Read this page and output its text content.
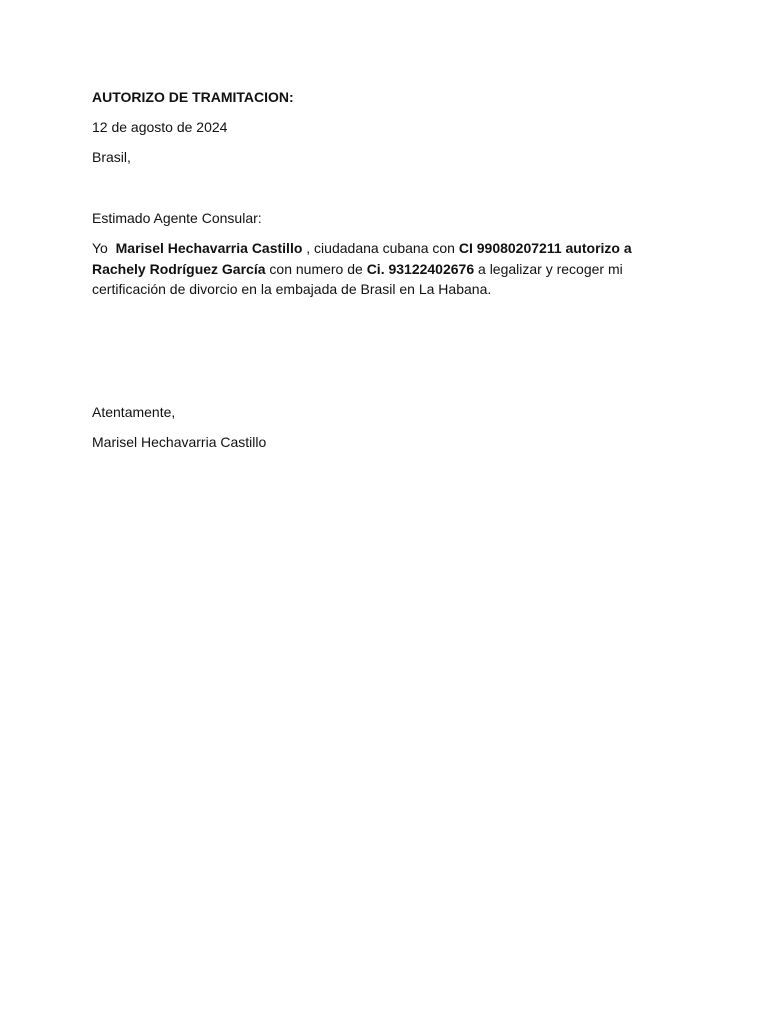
AUTORIZO DE TRAMITACION:

12 de agosto de 2024

Brasil,

Estimado Agente Consular:

Yo Marisel Hechavarria Castillo , ciudadana cubana con CI 99080207211 autorizo a Rachely Rodríguez García con numero de Ci. 93122402676 a legalizar y recoger mi certificación de divorcio en la embajada de Brasil en La Habana.

Atentamente,

Marisel Hechavarria Castillo
